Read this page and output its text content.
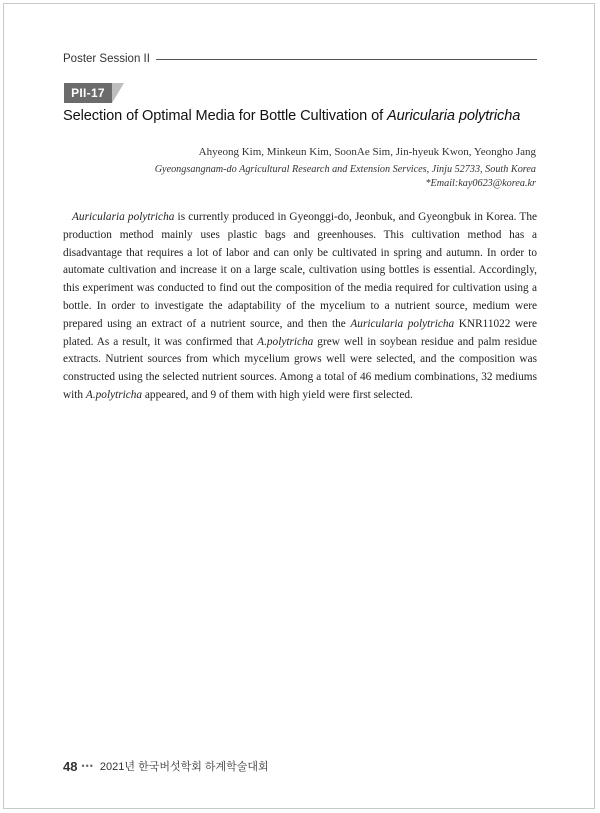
Poster Session II
PII-17
Selection of Optimal Media for Bottle Cultivation of Auricularia polytricha
Ahyeong Kim, Minkeun Kim, SoonAe Sim, Jin-hyeuk Kwon, Yeongho Jang
Gyeongsangnam-do Agricultural Research and Extension Services, Jinju 52733, South Korea
*Email:kay0623@korea.kr

Auricularia polytricha is currently produced in Gyeonggi-do, Jeonbuk, and Gyeongbuk in Korea. The production method mainly uses plastic bags and greenhouses. This cultivation method has a disadvantage that requires a lot of labor and can only be cultivated in spring and autumn. In order to automate cultivation and increase it on a large scale, cultivation using bottles is essential. Accordingly, this experiment was conducted to find out the composition of the media required for cultivation using a bottle. In order to investigate the adaptability of the mycelium to a nutrient source, medium were prepared using an extract of a nutrient source, and then the Auricularia polytricha KNR11022 were plated. As a result, it was confirmed that A.polytricha grew well in soybean residue and palm residue extracts. Nutrient sources from which mycelium grows well were selected, and the composition was constructed using the selected nutrient sources. Among a total of 46 medium combinations, 32 mediums with A.polytricha appeared, and 9 of them with high yield were first selected.

48 ••• 2021년 한국버섯학회 하계학술대회
